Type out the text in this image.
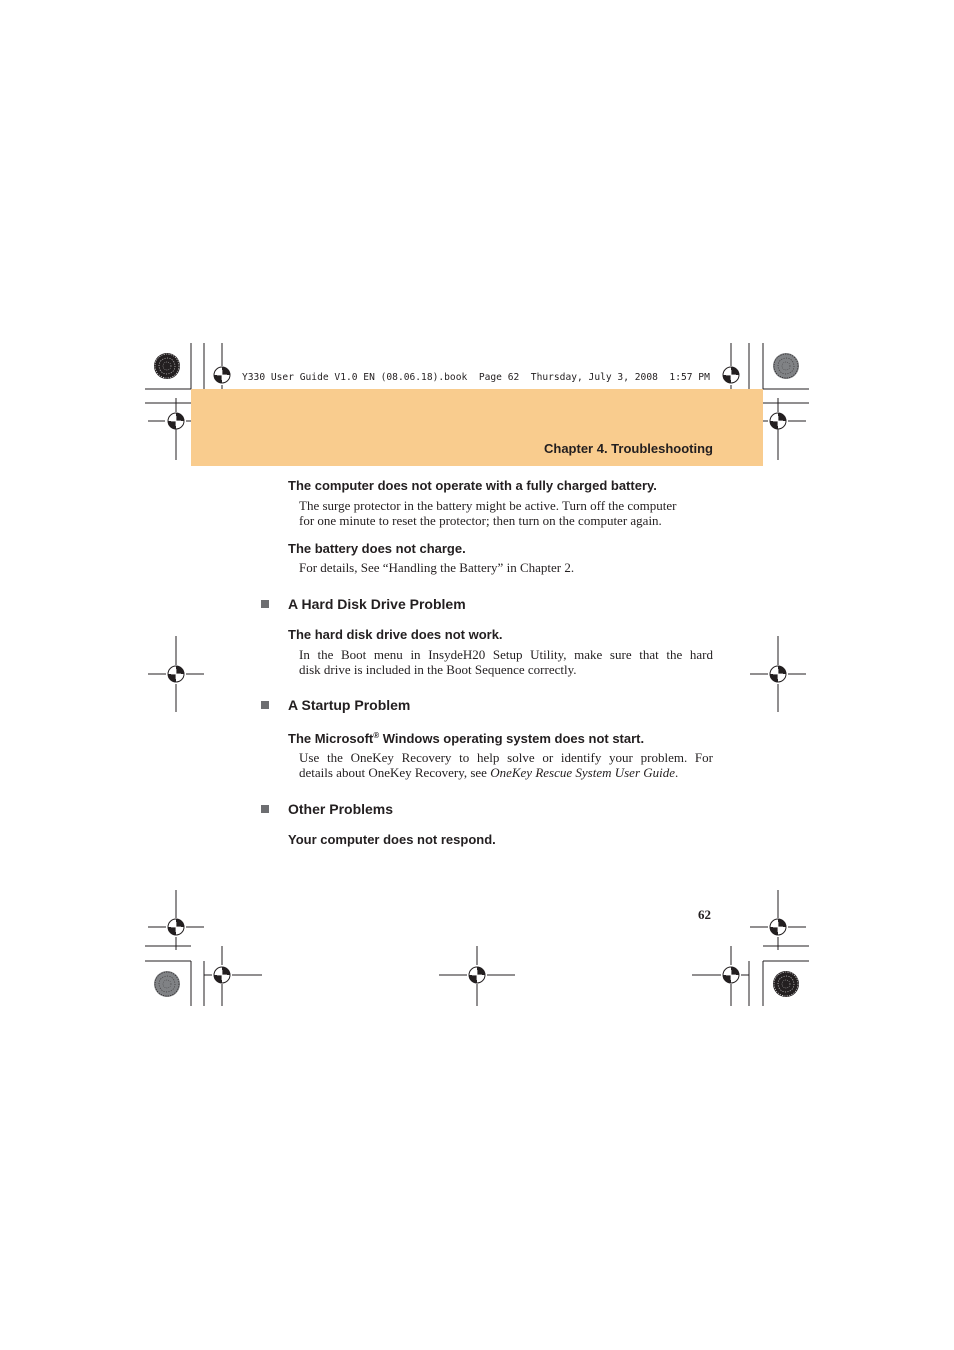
Y330 User Guide V1.0 EN (08.06.18).book  Page 62  Thursday, July 3, 2008  1:57 PM
Chapter 4. Troubleshooting
The computer does not operate with a fully charged battery.
The surge protector in the battery might be active. Turn off the computer
for one minute to reset the protector; then turn on the computer again.
The battery does not charge.
For details, See “Handling the Battery” in Chapter 2.
A Hard Disk Drive Problem
The hard disk drive does not work.
In the Boot menu in InsydeH20 Setup Utility, make sure that the hard
disk drive is included in the Boot Sequence correctly.
A Startup Problem
The Microsoft® Windows operating system does not start.
Use the OneKey Recovery to help solve or identify your problem. For
details about OneKey Recovery, see OneKey Rescue System User Guide.
Other Problems
Your computer does not respond.
62
